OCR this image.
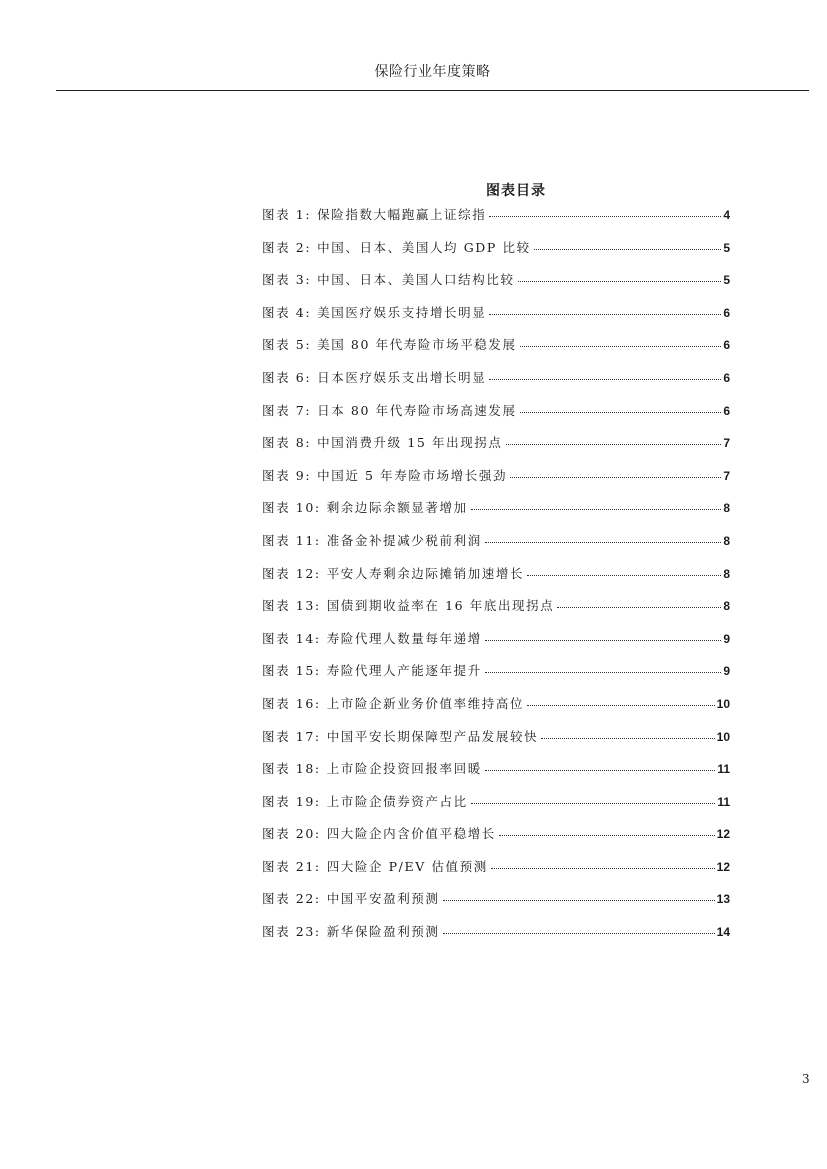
保险行业年度策略
图表目录
图表 1: 保险指数大幅跑赢上证综指	4
图表 2: 中国、日本、美国人均 GDP 比较	5
图表 3: 中国、日本、美国人口结构比较	5
图表 4: 美国医疗娱乐支持增长明显	6
图表 5: 美国 80 年代寿险市场平稳发展	6
图表 6: 日本医疗娱乐支出增长明显	6
图表 7: 日本 80 年代寿险市场高速发展	6
图表 8: 中国消费升级 15 年出现拐点	7
图表 9: 中国近 5 年寿险市场增长强劲	7
图表 10: 剩余边际余额显著增加	8
图表 11: 准备金补提减少税前利润	8
图表 12: 平安人寿剩余边际摊销加速增长	8
图表 13: 国债到期收益率在 16 年底出现拐点	8
图表 14: 寿险代理人数量每年递增	9
图表 15: 寿险代理人产能逐年提升	9
图表 16: 上市险企新业务价值率维持高位	10
图表 17: 中国平安长期保障型产品发展较快	10
图表 18: 上市险企投资回报率回暖	11
图表 19: 上市险企债券资产占比	11
图表 20: 四大险企内含价值平稳增长	12
图表 21: 四大险企 P/EV 估值预测	12
图表 22: 中国平安盈利预测	13
图表 23: 新华保险盈利预测	14
3
